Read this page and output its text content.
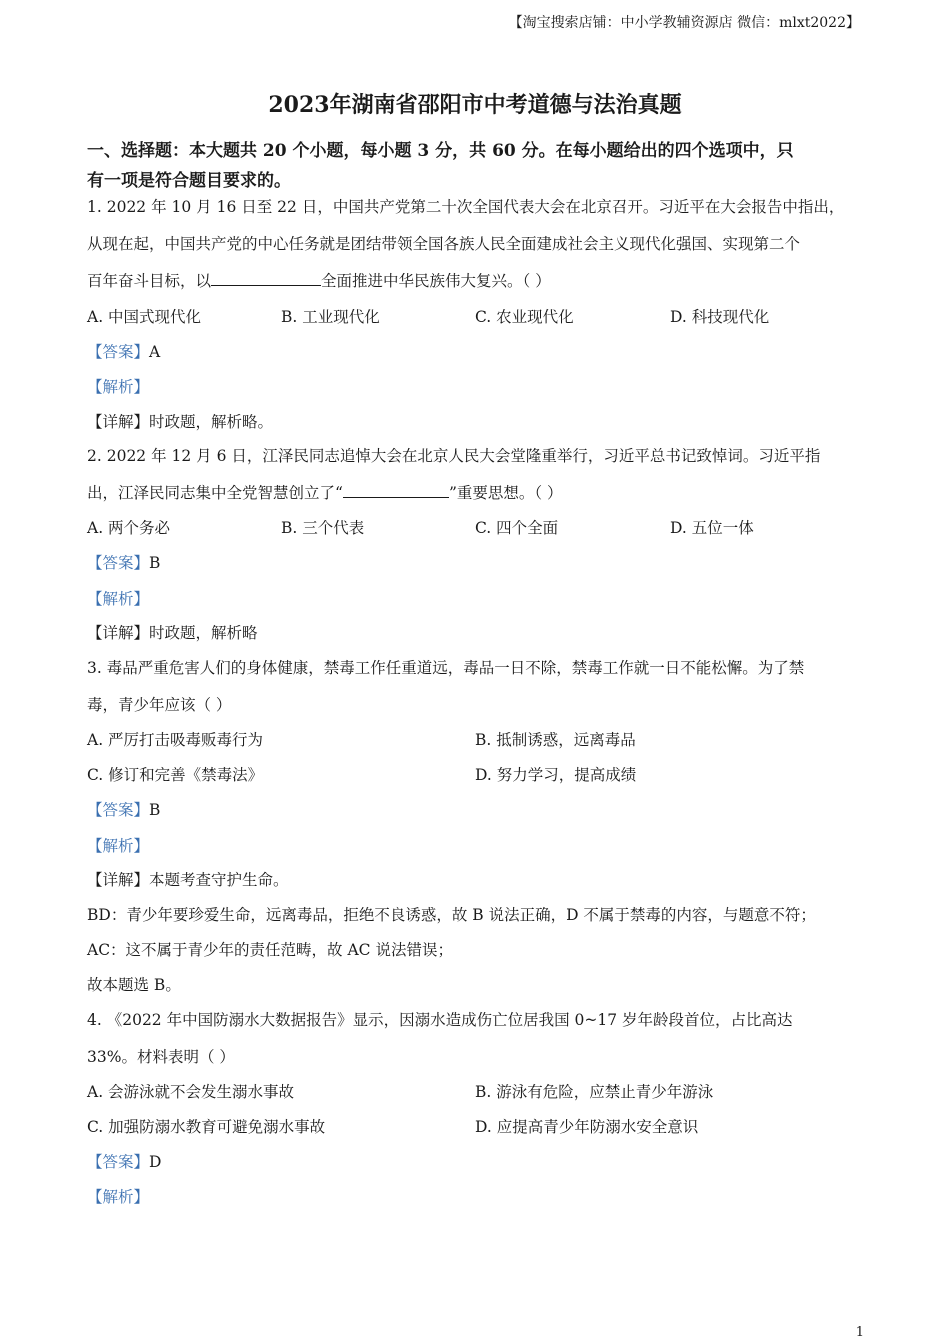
【淘宝搜索店铺：中小学教辅资源店 微信：mlxt2022】
2023年湖南省邵阳市中考道德与法治真题
一、选择题：本大题共 20 个小题，每小题 3 分，共 60 分。在每小题给出的四个选项中，只
有一项是符合题目要求的。
1. 2022 年 10 月 16 日至 22 日，中国共产党第二十次全国代表大会在北京召开。习近平在大会报告中指出，
从现在起，中国共产党的中心任务就是团结带领全国各族人民全面建成社会主义现代化强国、实现第二个
百年奋斗目标，以	全面推进中华民族伟大复兴。（ ）
A. 中国式现代化	B. 工业现代化	C. 农业现代化	D. 科技现代化
【答案】A
【解析】
【详解】时政题，解析略。
2. 2022 年 12 月 6 日，江泽民同志追悼大会在北京人民大会堂隆重举行，习近平总书记致悼词。习近平指
出，江泽民同志集中全党智慧创立了“	”重要思想。（ ）
A. 两个务必	B. 三个代表	C. 四个全面	D. 五位一体
【答案】B
【解析】
【详解】时政题，解析略
3. 毒品严重危害人们的身体健康，禁毒工作任重道远，毒品一日不除，禁毒工作就一日不能松懈。为了禁
毒，青少年应该（ ）
A. 严厉打击吸毒贩毒行为	B. 抵制诱惑，远离毒品
C. 修订和完善《禁毒法》	D. 努力学习，提高成绩
【答案】B
【解析】
【详解】本题考查守护生命。
BD：青少年要珍爱生命，远离毒品，拒绝不良诱惑，故 B 说法正确，D 不属于禁毒的内容，与题意不符；
AC：这不属于青少年的责任范畴，故 AC 说法错误；
故本题选 B。
4. 《2022 年中国防溺水大数据报告》显示，因溺水造成伤亡位居我国 0~17 岁年龄段首位，占比高达
33%。材料表明（ ）
A. 会游泳就不会发生溺水事故	B. 游泳有危险，应禁止青少年游泳
C. 加强防溺水教育可避免溺水事故	D. 应提高青少年防溺水安全意识
【答案】D
【解析】
1
